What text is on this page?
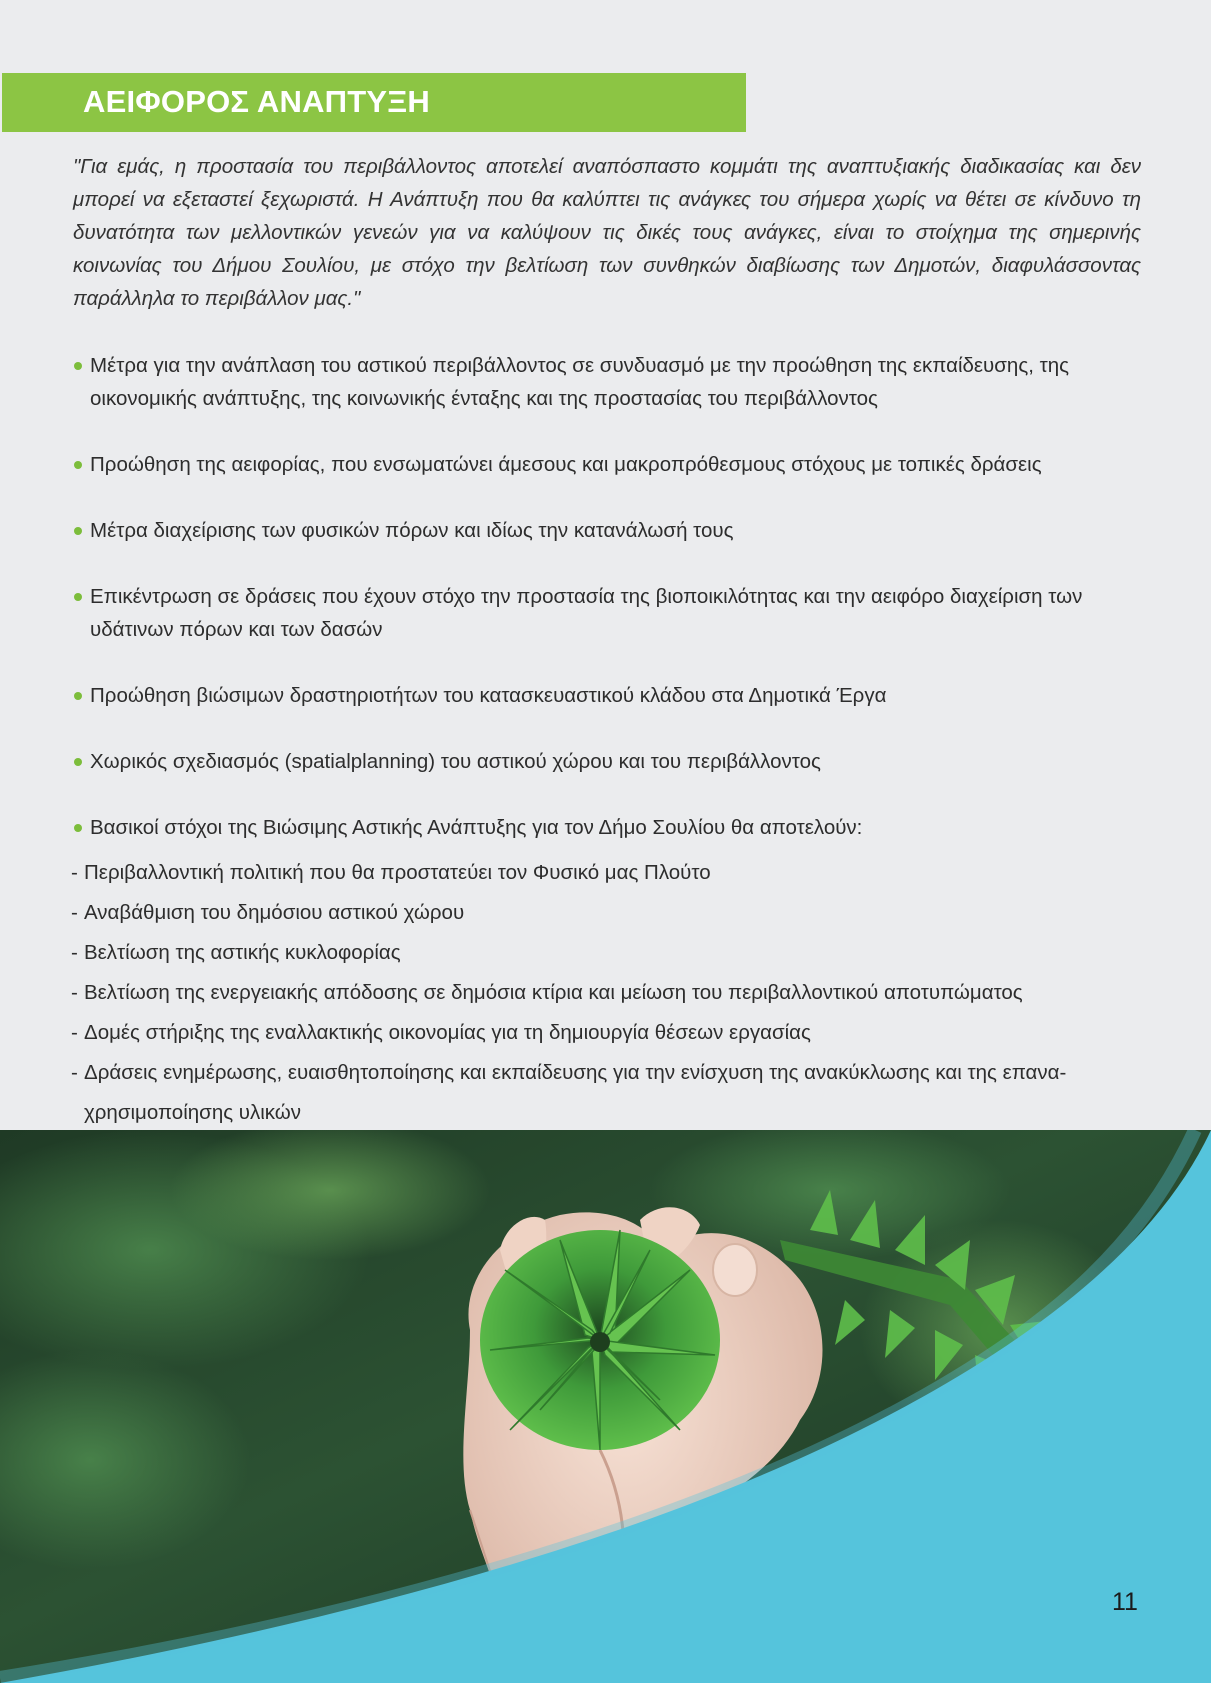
ΑΕΙΦΟΡΟΣ ΑΝΑΠΤΥΞΗ

"Για εμάς, η προστασία του περιβάλλοντος αποτελεί αναπόσπαστο κομμάτι της αναπτυξιακής διαδικασίας και δεν μπορεί να εξεταστεί ξεχωριστά. Η Ανάπτυξη που θα καλύπτει τις ανάγκες του σήμερα χωρίς να θέτει σε κίνδυνο τη δυνατότητα των μελλοντικών γενεών για να καλύψουν τις δικές τους ανάγκες, είναι το στοίχημα της σημερινής κοινωνίας του Δήμου Σουλίου, με στόχο την βελτίωση των συνθηκών διαβίωσης των Δημοτών, διαφυλάσσοντας παράλληλα το περιβάλλον μας."

Μέτρα για την ανάπλαση του αστικού περιβάλλοντος σε συνδυασμό με την προώθηση της εκπαίδευσης, της οικονομικής ανάπτυξης, της κοινωνικής ένταξης και της προστασίας του περιβάλλοντος
Προώθηση της αειφορίας, που ενσωματώνει άμεσους και μακροπρόθεσμους στόχους με τοπικές δράσεις
Μέτρα διαχείρισης των φυσικών πόρων και ιδίως την κατανάλωσή τους
Επικέντρωση σε δράσεις που έχουν στόχο την προστασία της βιοποικιλότητας και την αειφόρο διαχείριση των υδάτινων πόρων και των δασών
Προώθηση βιώσιμων δραστηριοτήτων του κατασκευαστικού κλάδου στα Δημοτικά Έργα
Χωρικός σχεδιασμός (spatialplanning) του αστικού χώρου και του περιβάλλοντος
Βασικοί στόχοι της Βιώσιμης Αστικής Ανάπτυξης για τον Δήμο Σουλίου θα αποτελούν:
- Περιβαλλοντική πολιτική που θα προστατεύει τον Φυσικό μας Πλούτο
- Αναβάθμιση του δημόσιου αστικού χώρου
- Βελτίωση της αστικής κυκλοφορίας
- Βελτίωση της ενεργειακής απόδοσης σε δημόσια κτίρια και μείωση του περιβαλλοντικού αποτυπώματος
- Δομές στήριξης της εναλλακτικής οικονομίας για τη δημιουργία θέσεων εργασίας
- Δράσεις ενημέρωσης, ευαισθητοποίησης και εκπαίδευσης για την ενίσχυση της ανακύκλωσης και της επανα-
χρησιμοποίησης υλικών
11
